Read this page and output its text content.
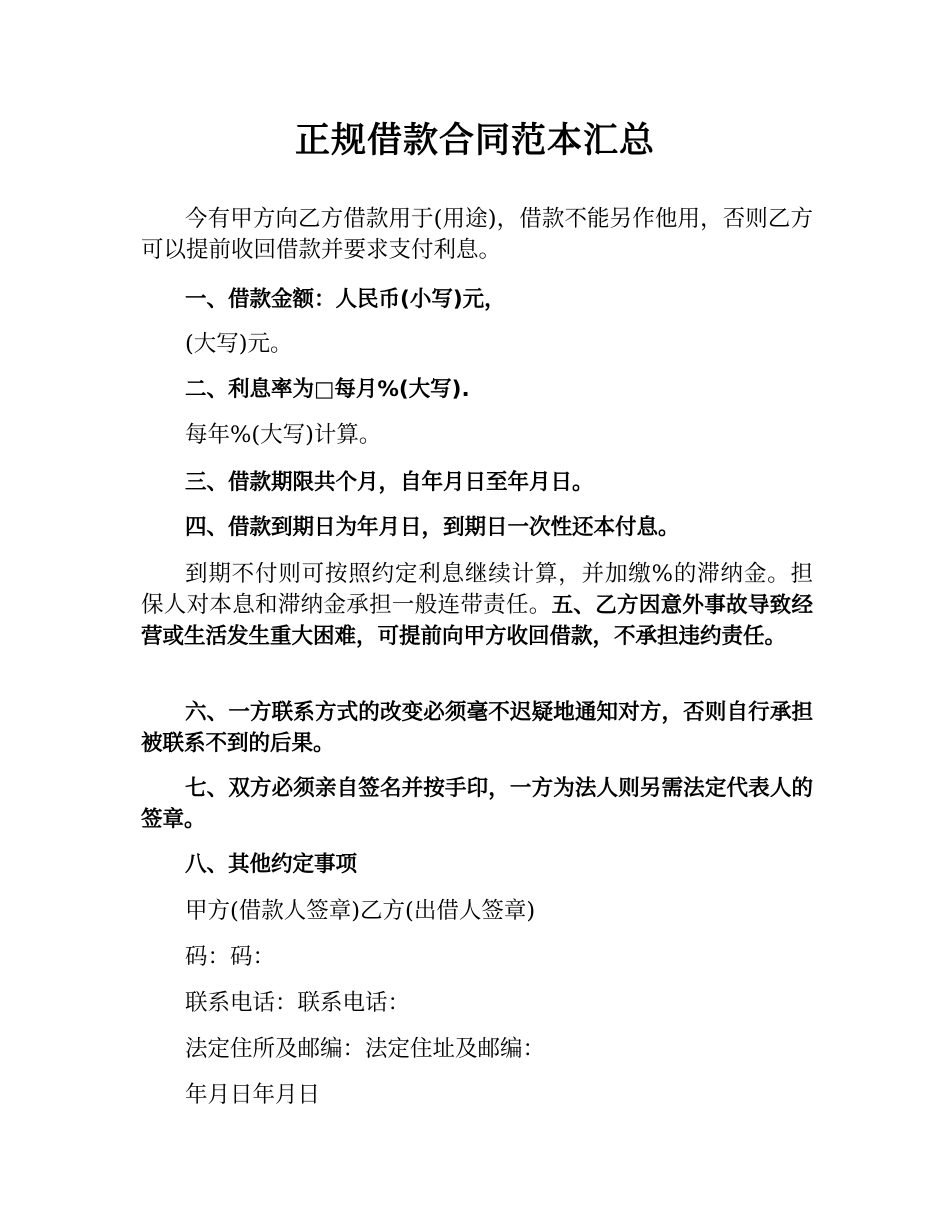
正规借款合同范本汇总

今有甲方向乙方借款用于(用途)，借款不能另作他用，否则乙方可以提前收回借款并要求支付利息。

一、借款金额：人民币(小写)元，

(大写)元。

二、利息率为□每月%(大写).

每年%(大写)计算。

三、借款期限共个月，自年月日至年月日。

四、借款到期日为年月日，到期日一次性还本付息。

到期不付则可按照约定利息继续计算，并加缴%的滞纳金。担保人对本息和滞纳金承担一般连带责任。五、乙方因意外事故导致经营或生活发生重大困难，可提前向甲方收回借款，不承担违约责任。

六、一方联系方式的改变必须毫不迟疑地通知对方，否则自行承担被联系不到的后果。

七、双方必须亲自签名并按手印，一方为法人则另需法定代表人的签章。

八、其他约定事项

甲方(借款人签章)乙方(出借人签章)

码：码：

联系电话：联系电话：

法定住所及邮编：法定住址及邮编：

年月日年月日
